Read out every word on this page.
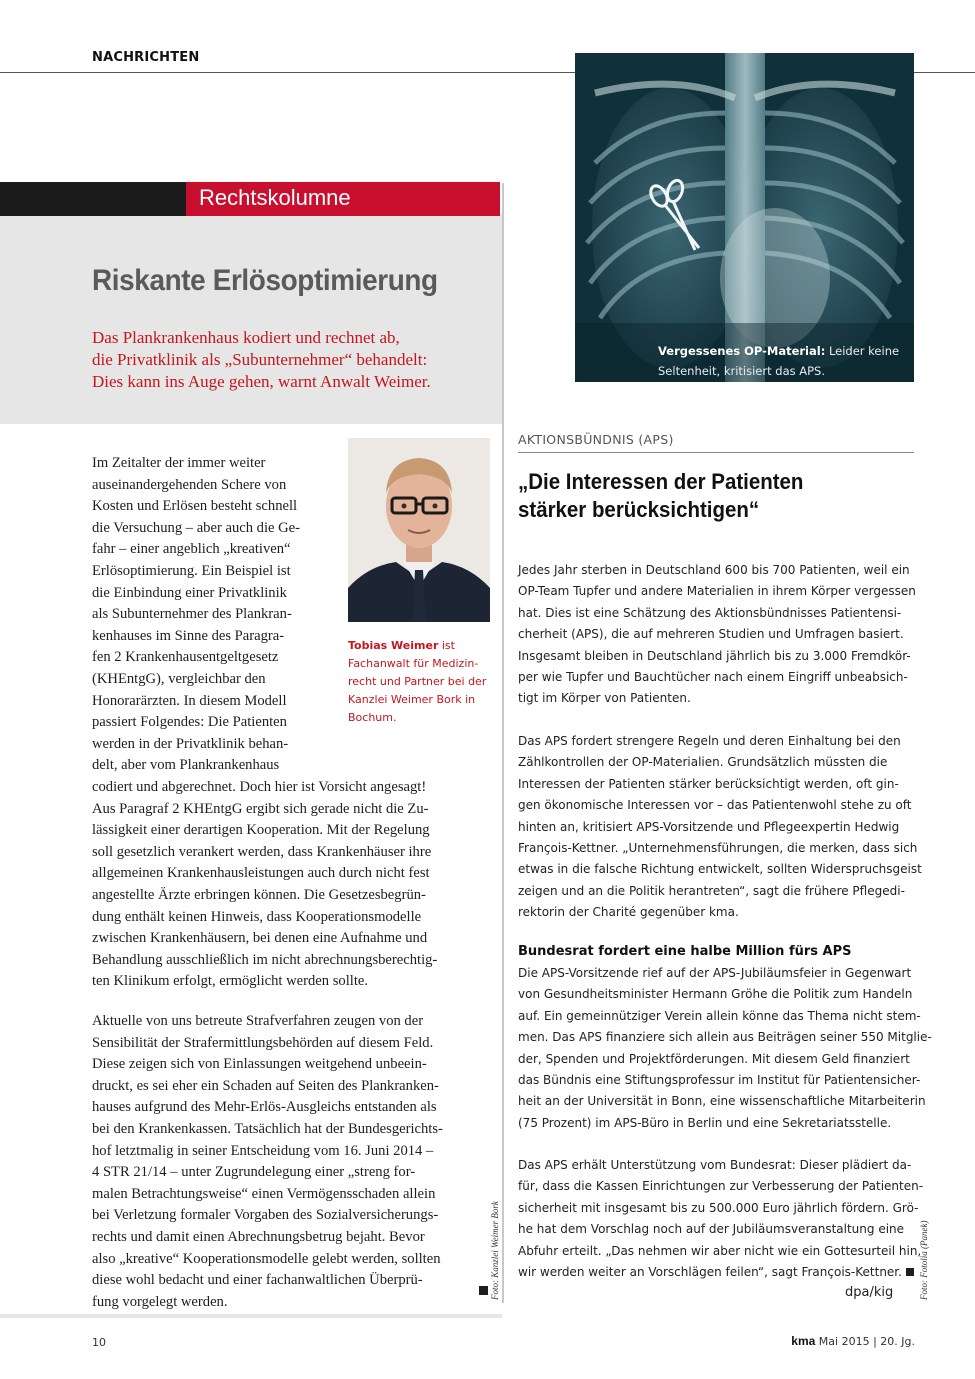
NACHRICHTEN
Rechtskolumne
Riskante Erlösoptimierung
Das Plankrankenhaus kodiert und rechnet ab,
die Privatklinik als „Subunternehmer“ behandelt:
Dies kann ins Auge gehen, warnt Anwalt Weimer.
Tobias Weimer ist
Fachanwalt für Medizin-
recht und Partner bei der
Kanzlei Weimer Bork in
Bochum.
Im Zeitalter der immer weiter
auseinandergehenden Schere von
Kosten und Erlösen besteht schnell
die Versuchung – aber auch die Ge-
fahr – einer angeblich „kreativen“
Erlösoptimierung. Ein Beispiel ist
die Einbindung einer Privatklinik
als Subunternehmer des Plankran-
kenhauses im Sinne des Paragra-
fen 2 Krankenhausentgeltgesetz
(KHEntgG), vergleichbar den
Honorarärzten. In diesem Modell
passiert Folgendes: Die Patienten
werden in der Privatklinik behan-
delt, aber vom Plankrankenhaus
codiert und abgerechnet. Doch hier ist Vorsicht angesagt!
Aus Paragraf 2 KHEntgG ergibt sich gerade nicht die Zu-
lässigkeit einer derartigen Kooperation. Mit der Regelung
soll gesetzlich verankert werden, dass Krankenhäuser ihre
allgemeinen Krankenhausleistungen auch durch nicht fest
angestellte Ärzte erbringen können. Die Gesetzesbegrün-
dung enthält keinen Hinweis, dass Kooperationsmodelle
zwischen Krankenhäusern, bei denen eine Aufnahme und
Behandlung ausschließlich im nicht abrechnungsberechtig-
ten Klinikum erfolgt, ermöglicht werden sollte.
Aktuelle von uns betreute Strafverfahren zeugen von der
Sensibilität der Strafermittlungsbehörden auf diesem Feld.
Diese zeigen sich von Einlassungen weitgehend unbeein-
druckt, es sei eher ein Schaden auf Seiten des Plankranken-
hauses aufgrund des Mehr-Erlös-Ausgleichs entstanden als
bei den Krankenkassen. Tatsächlich hat der Bundesgerichts-
hof letztmalig in seiner Entscheidung vom 16. Juni 2014 –
4 STR 21/14 – unter Zugrundelegung einer „streng for-
malen Betrachtungsweise“ einen Vermögensschaden allein
bei Verletzung formaler Vorgaben des Sozialversicherungs-
rechts und damit einen Abrechnungsbetrug bejaht. Bevor
also „kreative“ Kooperationsmodelle gelebt werden, sollten
diese wohl bedacht und einer fachanwaltlichen Überprü-
fung vorgelegt werden.
Foto: Kanzlei Weimer Bork
Vergessenes OP-Material: Leider keine
Seltenheit, kritisiert das APS.
AKTIONSBÜNDNIS (APS)
„Die Interessen der Patienten
stärker berücksichtigen“
Jedes Jahr sterben in Deutschland 600 bis 700 Patienten, weil ein
OP-Team Tupfer und andere Materialien in ihrem Körper vergessen
hat. Dies ist eine Schätzung des Aktionsbündnisses Patientensi-
cherheit (APS), die auf mehreren Studien und Umfragen basiert.
Insgesamt bleiben in Deutschland jährlich bis zu 3.000 Fremdkör-
per wie Tupfer und Bauchtücher nach einem Eingriff unbeabsich-
tigt im Körper von Patienten.
Das APS fordert strengere Regeln und deren Einhaltung bei den
Zählkontrollen der OP-Materialien. Grundsätzlich müssten die
Interessen der Patienten stärker berücksichtigt werden, oft gin-
gen ökonomische Interessen vor – das Patientenwohl stehe zu oft
hinten an, kritisiert APS-Vorsitzende und Pflegeexpertin Hedwig
François-Kettner. „Unternehmensführungen, die merken, dass sich
etwas in die falsche Richtung entwickelt, sollten Widerspruchsgeist
zeigen und an die Politik herantreten“, sagt die frühere Pflegedi-
rektorin der Charité gegenüber kma.
Bundesrat fordert eine halbe Million fürs APS
Die APS-Vorsitzende rief auf der APS-Jubiläumsfeier in Gegenwart
von Gesundheitsminister Hermann Gröhe die Politik zum Handeln
auf. Ein gemeinnütziger Verein allein könne das Thema nicht stem-
men. Das APS finanziere sich allein aus Beiträgen seiner 550 Mitglie-
der, Spenden und Projektförderungen. Mit diesem Geld finanziert
das Bündnis eine Stiftungsprofessur im Institut für Patientensicher-
heit an der Universität in Bonn, eine wissenschaftliche Mitarbeiterin
(75 Prozent) im APS-Büro in Berlin und eine Sekretariatsstelle.
Das APS erhält Unterstützung vom Bundesrat: Dieser plädiert da-
für, dass die Kassen Einrichtungen zur Verbesserung der Patienten-
sicherheit mit insgesamt bis zu 500.000 Euro jährlich fördern. Grö-
he hat dem Vorschlag noch auf der Jubiläumsveranstaltung eine
Abfuhr erteilt. „Das nehmen wir aber nicht wie ein Gottesurteil hin,
wir werden weiter an Vorschlägen feilen“, sagt François-Kettner.
dpa/kig	Foto: Fotolia (Panek)
10	kma Mai 2015 | 20. Jg.
